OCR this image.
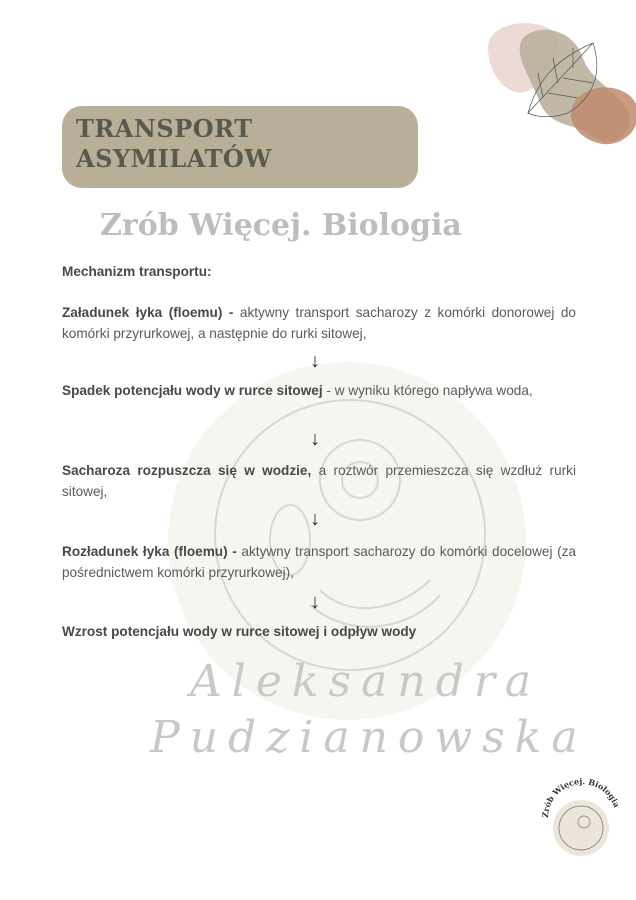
TRANSPORT
ASYMILATÓW
Zrób Więcej. Biologia
Aleksandra
Pudzianowska
Mechanizm transportu:
Załadunek łyka (floemu) - aktywny transport sacharozy z komórki donorowej do komórki przyrurkowej, a następnie do rurki sitowej,
↓
Spadek potencjału wody w rurce sitowej - w wyniku którego napływa woda,
↓
Sacharoza rozpuszcza się w wodzie, a roztwór przemieszcza się wzdłuż rurki sitowej,
↓
Rozładunek łyka (floemu) - aktywny transport sacharozy do komórki docelowej (za pośrednictwem komórki przyrurkowej),
↓
Wzrost potencjału wody w rurce sitowej i odpływ wody
Zrób Więcej. Biologia
